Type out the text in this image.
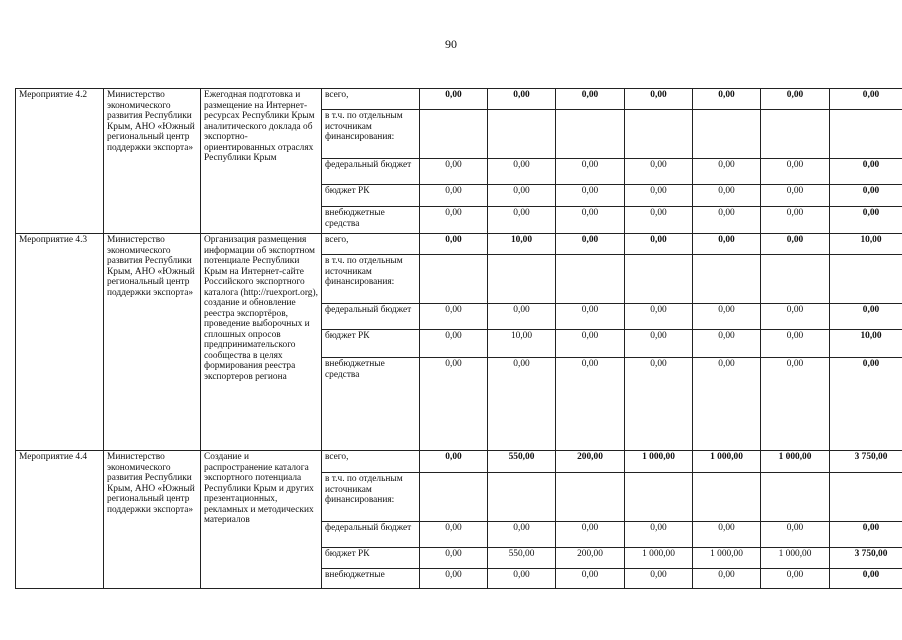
90
Мероприятие 4.2	Министерство экономического развития Республики Крым, АНО «Южный региональный центр поддержки экспорта»	Ежегодная подготовка и размещение на Интернет-ресурсах Республики Крым аналитического доклада об экспортно-ориентированных отраслях Республики Крым	всего,	0,00	0,00	0,00	0,00	0,00	0,00	0,00
			в т.ч. по отдельным источникам финансирования:							
			федеральный бюджет	0,00	0,00	0,00	0,00	0,00	0,00	0,00
			бюджет РК	0,00	0,00	0,00	0,00	0,00	0,00	0,00
			внебюджетные средства	0,00	0,00	0,00	0,00	0,00	0,00	0,00
Мероприятие 4.3	Министерство экономического развития Республики Крым, АНО «Южный региональный центр поддержки экспорта»	Организация размещения информации об экспортном потенциале Республики Крым на Интернет-сайте Российского экспортного каталога (http://ruexport.org), создание и обновление реестра экспортёров, проведение выборочных и сплошных опросов предпринимательского сообщества в целях формирования реестра экспортеров региона	всего,	0,00	10,00	0,00	0,00	0,00	0,00	10,00
			в т.ч. по отдельным источникам финансирования:							
			федеральный бюджет	0,00	0,00	0,00	0,00	0,00	0,00	0,00
			бюджет РК	0,00	10,00	0,00	0,00	0,00	0,00	10,00
			внебюджетные средства	0,00	0,00	0,00	0,00	0,00	0,00	0,00
Мероприятие 4.4	Министерство экономического развития Республики Крым, АНО «Южный региональный центр поддержки экспорта»	Создание и распространение каталога экспортного потенциала Республики Крым и других презентационных, рекламных и методических материалов	всего,	0,00	550,00	200,00	1 000,00	1 000,00	1 000,00	3 750,00
			в т.ч. по отдельным источникам финансирования:							
			федеральный бюджет	0,00	0,00	0,00	0,00	0,00	0,00	0,00
			бюджет РК	0,00	550,00	200,00	1 000,00	1 000,00	1 000,00	3 750,00
			внебюджетные	0,00	0,00	0,00	0,00	0,00	0,00	0,00
